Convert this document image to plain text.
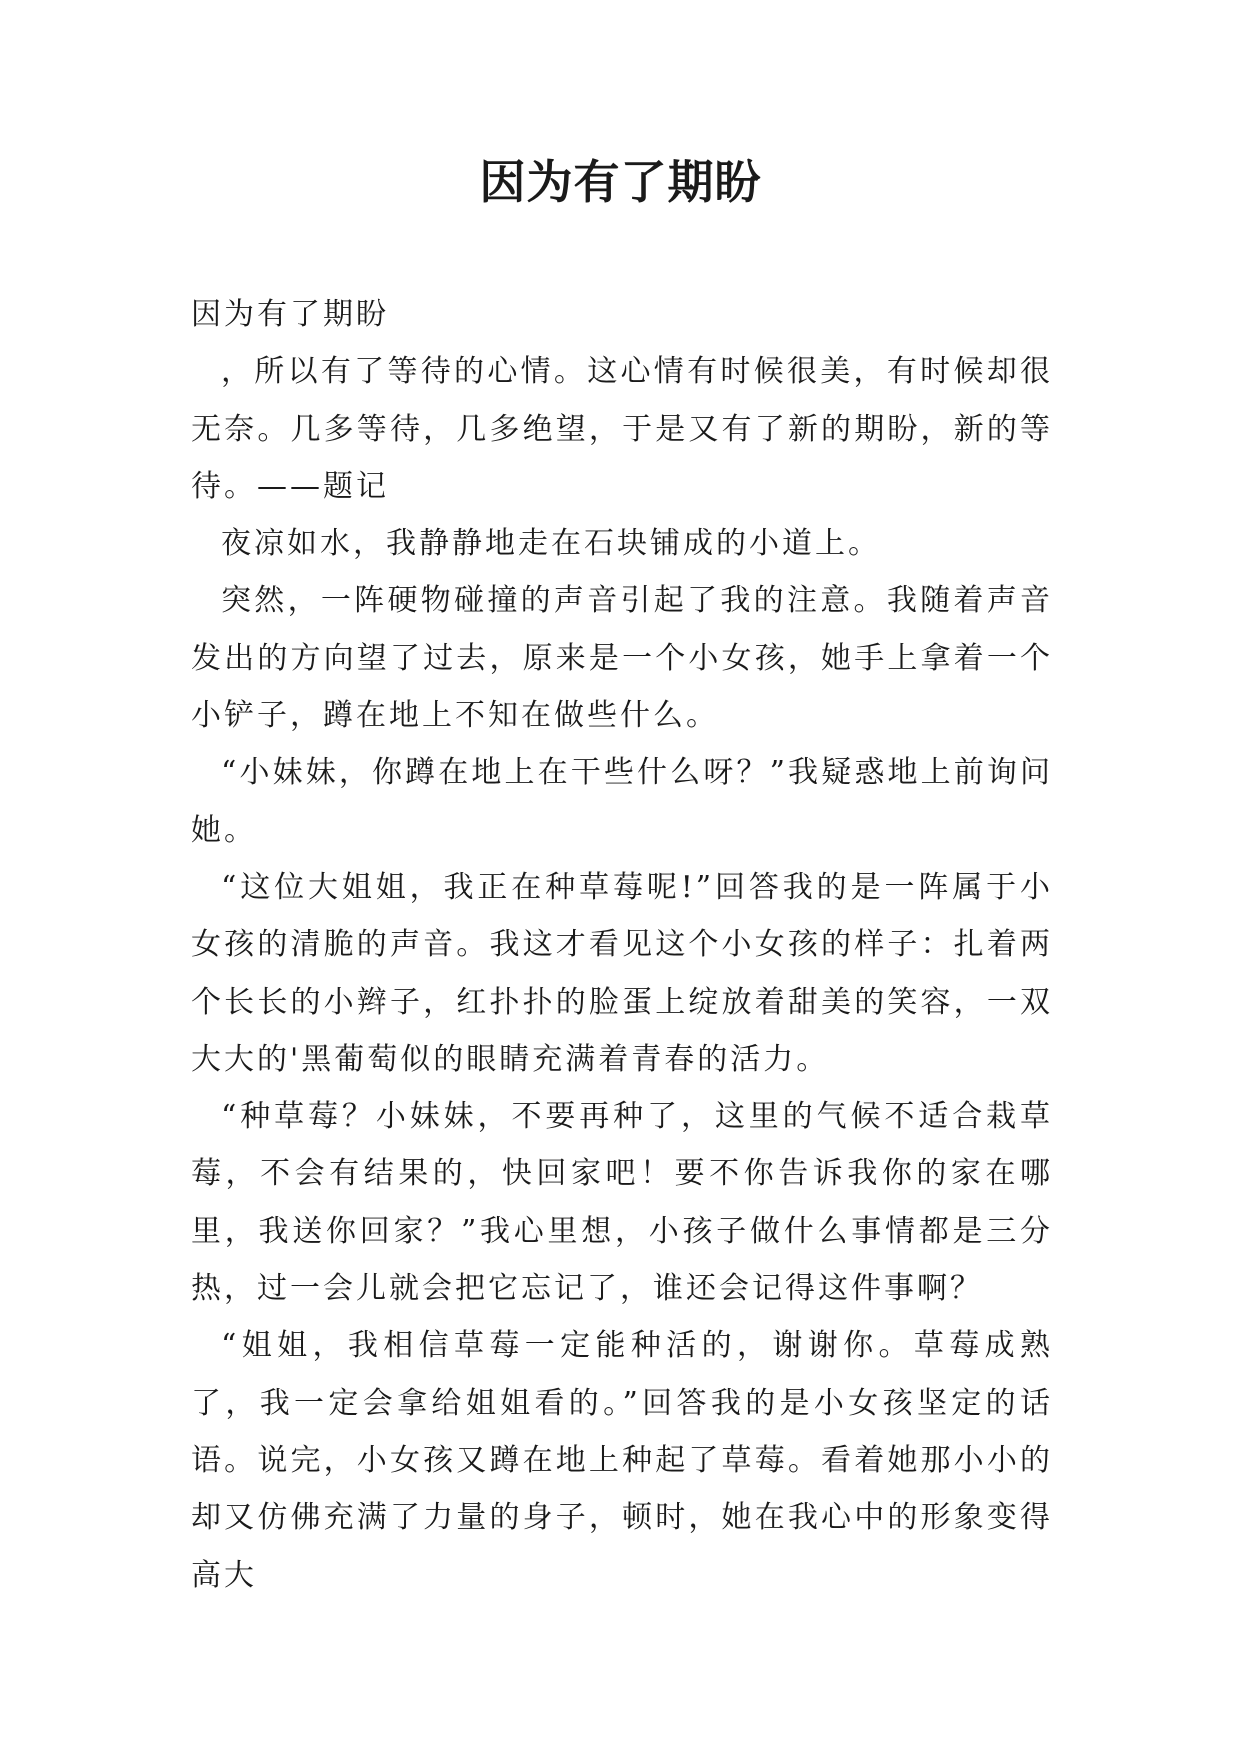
因为有了期盼

因为有了期盼

，所以有了等待的心情。这心情有时候很美，有时候却很无奈。几多等待，几多绝望，于是又有了新的期盼，新的等待。——题记

夜凉如水，我静静地走在石块铺成的小道上。

突然，一阵硬物碰撞的声音引起了我的注意。我随着声音发出的方向望了过去，原来是一个小女孩，她手上拿着一个小铲子，蹲在地上不知在做些什么。

“小妹妹，你蹲在地上在干些什么呀？”我疑惑地上前询问她。

“这位大姐姐，我正在种草莓呢!”回答我的是一阵属于小女孩的清脆的声音。我这才看见这个小女孩的样子：扎着两个长长的小辫子，红扑扑的脸蛋上绽放着甜美的笑容，一双大大的'黑葡萄似的眼睛充满着青春的活力。

“种草莓？小妹妹，不要再种了，这里的气候不适合栽草莓，不会有结果的，快回家吧！要不你告诉我你的家在哪里，我送你回家？”我心里想，小孩子做什么事情都是三分热，过一会儿就会把它忘记了，谁还会记得这件事啊？

“姐姐，我相信草莓一定能种活的，谢谢你。草莓成熟了，我一定会拿给姐姐看的。”回答我的是小女孩坚定的话语。说完，小女孩又蹲在地上种起了草莓。看着她那小小的却又仿佛充满了力量的身子，顿时，她在我心中的形象变得高大
